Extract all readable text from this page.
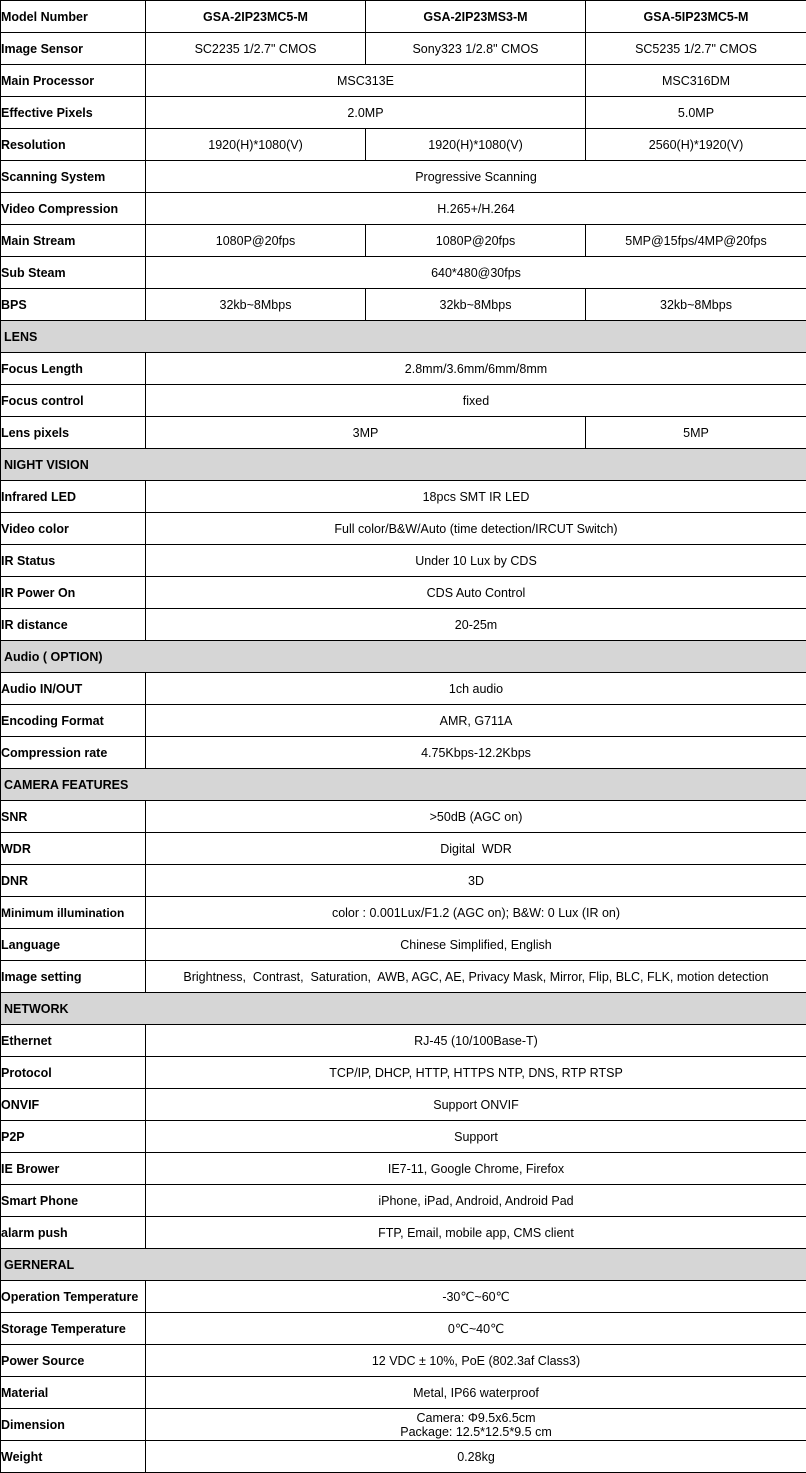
Model Number	GSA-2IP23MC5-M	GSA-2IP23MS3-M	GSA-5IP23MC5-M
Image Sensor	SC2235 1/2.7" CMOS	Sony323 1/2.8" CMOS	SC5235 1/2.7" CMOS
Main Processor	MSC313E		MSC316DM
Effective Pixels	2.0MP		5.0MP
Resolution	1920(H)*1080(V)	1920(H)*1080(V)	2560(H)*1920(V)
Scanning System	Progressive Scanning		
Video Compression	H.265+/H.264		
Main Stream	1080P@20fps	1080P@20fps	5MP@15fps/4MP@20fps
Sub Steam	640*480@30fps		
BPS	32kb~8Mbps	32kb~8Mbps	32kb~8Mbps
LENS			
Focus Length	2.8mm/3.6mm/6mm/8mm		
Focus control	fixed		
Lens pixels	3MP		5MP
NIGHT VISION			
Infrared LED	18pcs SMT IR LED		
Video color	Full color/B&W/Auto (time detection/IRCUT Switch)		
IR Status	Under 10 Lux by CDS		
IR Power On	CDS Auto Control		
IR distance	20-25m		
Audio ( OPTION)			
Audio IN/OUT	1ch audio		
Encoding Format	AMR, G711A		
Compression rate	4.75Kbps-12.2Kbps		
CAMERA FEATURES			
SNR	>50dB (AGC on)		
WDR	Digital  WDR		
DNR	3D		
Minimum illumination	color : 0.001Lux/F1.2 (AGC on); B&W: 0 Lux (IR on)		
Language	Chinese Simplified, English		
Image setting	Brightness,  Contrast,  Saturation,  AWB, AGC, AE, Privacy Mask, Mirror, Flip, BLC, FLK, motion detection		
NETWORK			
Ethernet	RJ-45 (10/100Base-T)		
Protocol	TCP/IP, DHCP, HTTP, HTTPS NTP, DNS, RTP RTSP		
ONVIF	Support ONVIF		
P2P	Support		
IE Brower	IE7-11, Google Chrome, Firefox		
Smart Phone	iPhone, iPad, Android, Android Pad		
alarm push	FTP, Email, mobile app, CMS client		
GERNERAL			
Operation Temperature	-30℃~60℃		
Storage Temperature	0℃~40℃		
Power Source	12 VDC ± 10%, PoE (802.3af Class3)		
Material	Metal, IP66 waterproof		
Dimension	Camera: Φ9.5x6.5cm
Package: 12.5*12.5*9.5 cm		

Weight	0.28kg		
